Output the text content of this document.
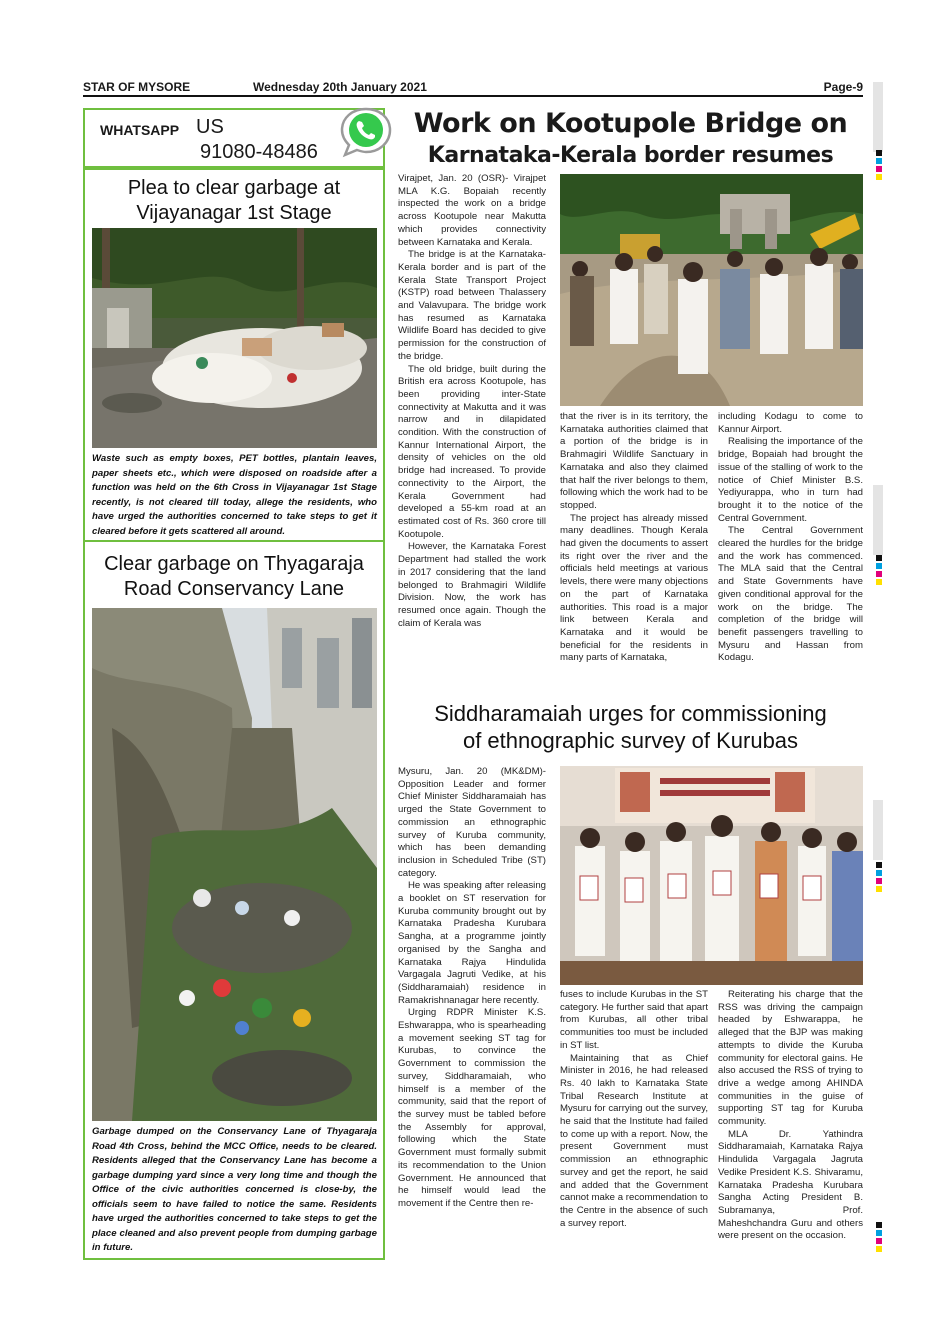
STAR OF MYSORE	Wednesday 20th January 2021	Page-9
WHATSAPP US
91080-48486
Plea to clear garbage at
Vijayanagar 1st Stage
Waste such as empty boxes, PET bottles, plantain leaves, paper sheets etc., which were disposed on roadside after a function was held on the 6th Cross in Vijayanagar 1st Stage recently, is not cleared till today, allege the residents, who have urged the authorities concerned to take steps to get it cleared before it gets scattered all around.
Clear garbage on Thyagaraja
Road Conservancy Lane
Garbage dumped on the Conservancy Lane of Thyagaraja Road 4th Cross, behind the MCC Office, needs to be cleared. Residents alleged that the Conservancy Lane has become a garbage dumping yard since a very long time and though the Office of the civic authorities concerned is close-by, the officials seem to have failed to notice the same. Residents have urged the authorities concerned to take steps to get the place cleaned and also prevent people from dumping garbage in future.
Work on Kootupole Bridge on
Karnataka-Kerala border resumes

Virajpet, Jan. 20 (OSR)- Virajpet MLA K.G. Bopaiah recently inspected the work on a bridge across Kootupole near Makutta which provides connectivity between Karnataka and Kerala.

The bridge is at the Karnataka-Kerala border and is part of the Kerala State Transport Project (KSTP) road between Thalassery and Valavupara. The bridge work has resumed as Karnataka Wildlife Board has decided to give permission for the construction of the bridge.

The old bridge, built during the British era across Kootupole, has been providing inter-State connectivity at Makutta and it was narrow and in dilapidated condition. With the construction of Kannur International Airport, the density of vehicles on the old bridge had increased. To provide connectivity to the Airport, the Kerala Government had developed a 55-km road at an estimated cost of Rs. 360 crore till Kootupole.

However, the Karnataka Forest Department had stalled the work in 2017 considering that the land belonged to Brahmagiri Wildlife Division. Now, the work has resumed once again. Though the claim of Kerala was

that the river is in its territory, the Karnataka authorities claimed that a portion of the bridge is in Brahmagiri Wildlife Sanctuary in Karnataka and also they claimed that half the river belongs to them, following which the work had to be stopped.

The project has already missed many deadlines. Though Kerala had given the documents to assert its right over the river and the officials held meetings at various levels, there were many objections on the part of Karnataka authorities. This road is a major link between Kerala and Karnataka and it would be beneficial for the residents in many parts of Karnataka,

including Kodagu to come to Kannur Airport.

Realising the importance of the bridge, Bopaiah had brought the issue of the stalling of work to the notice of Chief Minister B.S. Yediyurappa, who in turn had brought it to the notice of the Central Government.

The Central Government cleared the hurdles for the bridge and the work has commenced. The MLA said that the Central and State Governments have given conditional approval for the work on the bridge. The completion of the bridge will benefit passengers travelling to Mysuru and Hassan from Kodagu.

Siddharamaiah urges for commissioning
of ethnographic survey of Kurubas

Mysuru, Jan. 20 (MK&DM)- Opposition Leader and former Chief Minister Siddharamaiah has urged the State Government to commission an ethnographic survey of Kuruba community, which has been demanding inclusion in Scheduled Tribe (ST) category.

He was speaking after releasing a booklet on ST reservation for Kuruba community brought out by Karnataka Pradesha Kurubara Sangha, at a programme jointly organised by the Sangha and Karnataka Rajya Hindulida Vargagala Jagruti Vedike, at his (Siddharamaiah) residence in Ramakrishnanagar here recently.

Urging RDPR Minister K.S. Eshwarappa, who is spearheading a movement seeking ST tag for Kurubas, to convince the Government to commission the survey, Siddharamaiah, who himself is a member of the community, said that the report of the survey must be tabled before the Assembly for approval, following which the State Government must formally submit its recommendation to the Union Government. He announced that he himself would lead the movement if the Centre then re-

fuses to include Kurubas in the ST category. He further said that apart from Kurubas, all other tribal communities too must be included in ST list.

Maintaining that as Chief Minister in 2016, he had released Rs. 40 lakh to Karnataka State Tribal Research Institute at Mysuru for carrying out the survey, he said that the Institute had failed to come up with a report. Now, the present Government must commission an ethnographic survey and get the report, he said and added that the Government cannot make a recommendation to the Centre in the absence of such a survey report.

Reiterating his charge that the RSS was driving the campaign headed by Eshwarappa, he alleged that the BJP was making attempts to divide the Kuruba community for electoral gains. He also accused the RSS of trying to drive a wedge among AHINDA communities in the guise of supporting ST tag for Kuruba community.

MLA Dr. Yathindra Siddharamaiah, Karnataka Rajya Hindulida Vargagala Jagruta Vedike President K.S. Shivaramu, Karnataka Pradesha Kurubara Sangha Acting President B. Subramanya, Prof. Maheshchandra Guru and others were present on the occasion.
